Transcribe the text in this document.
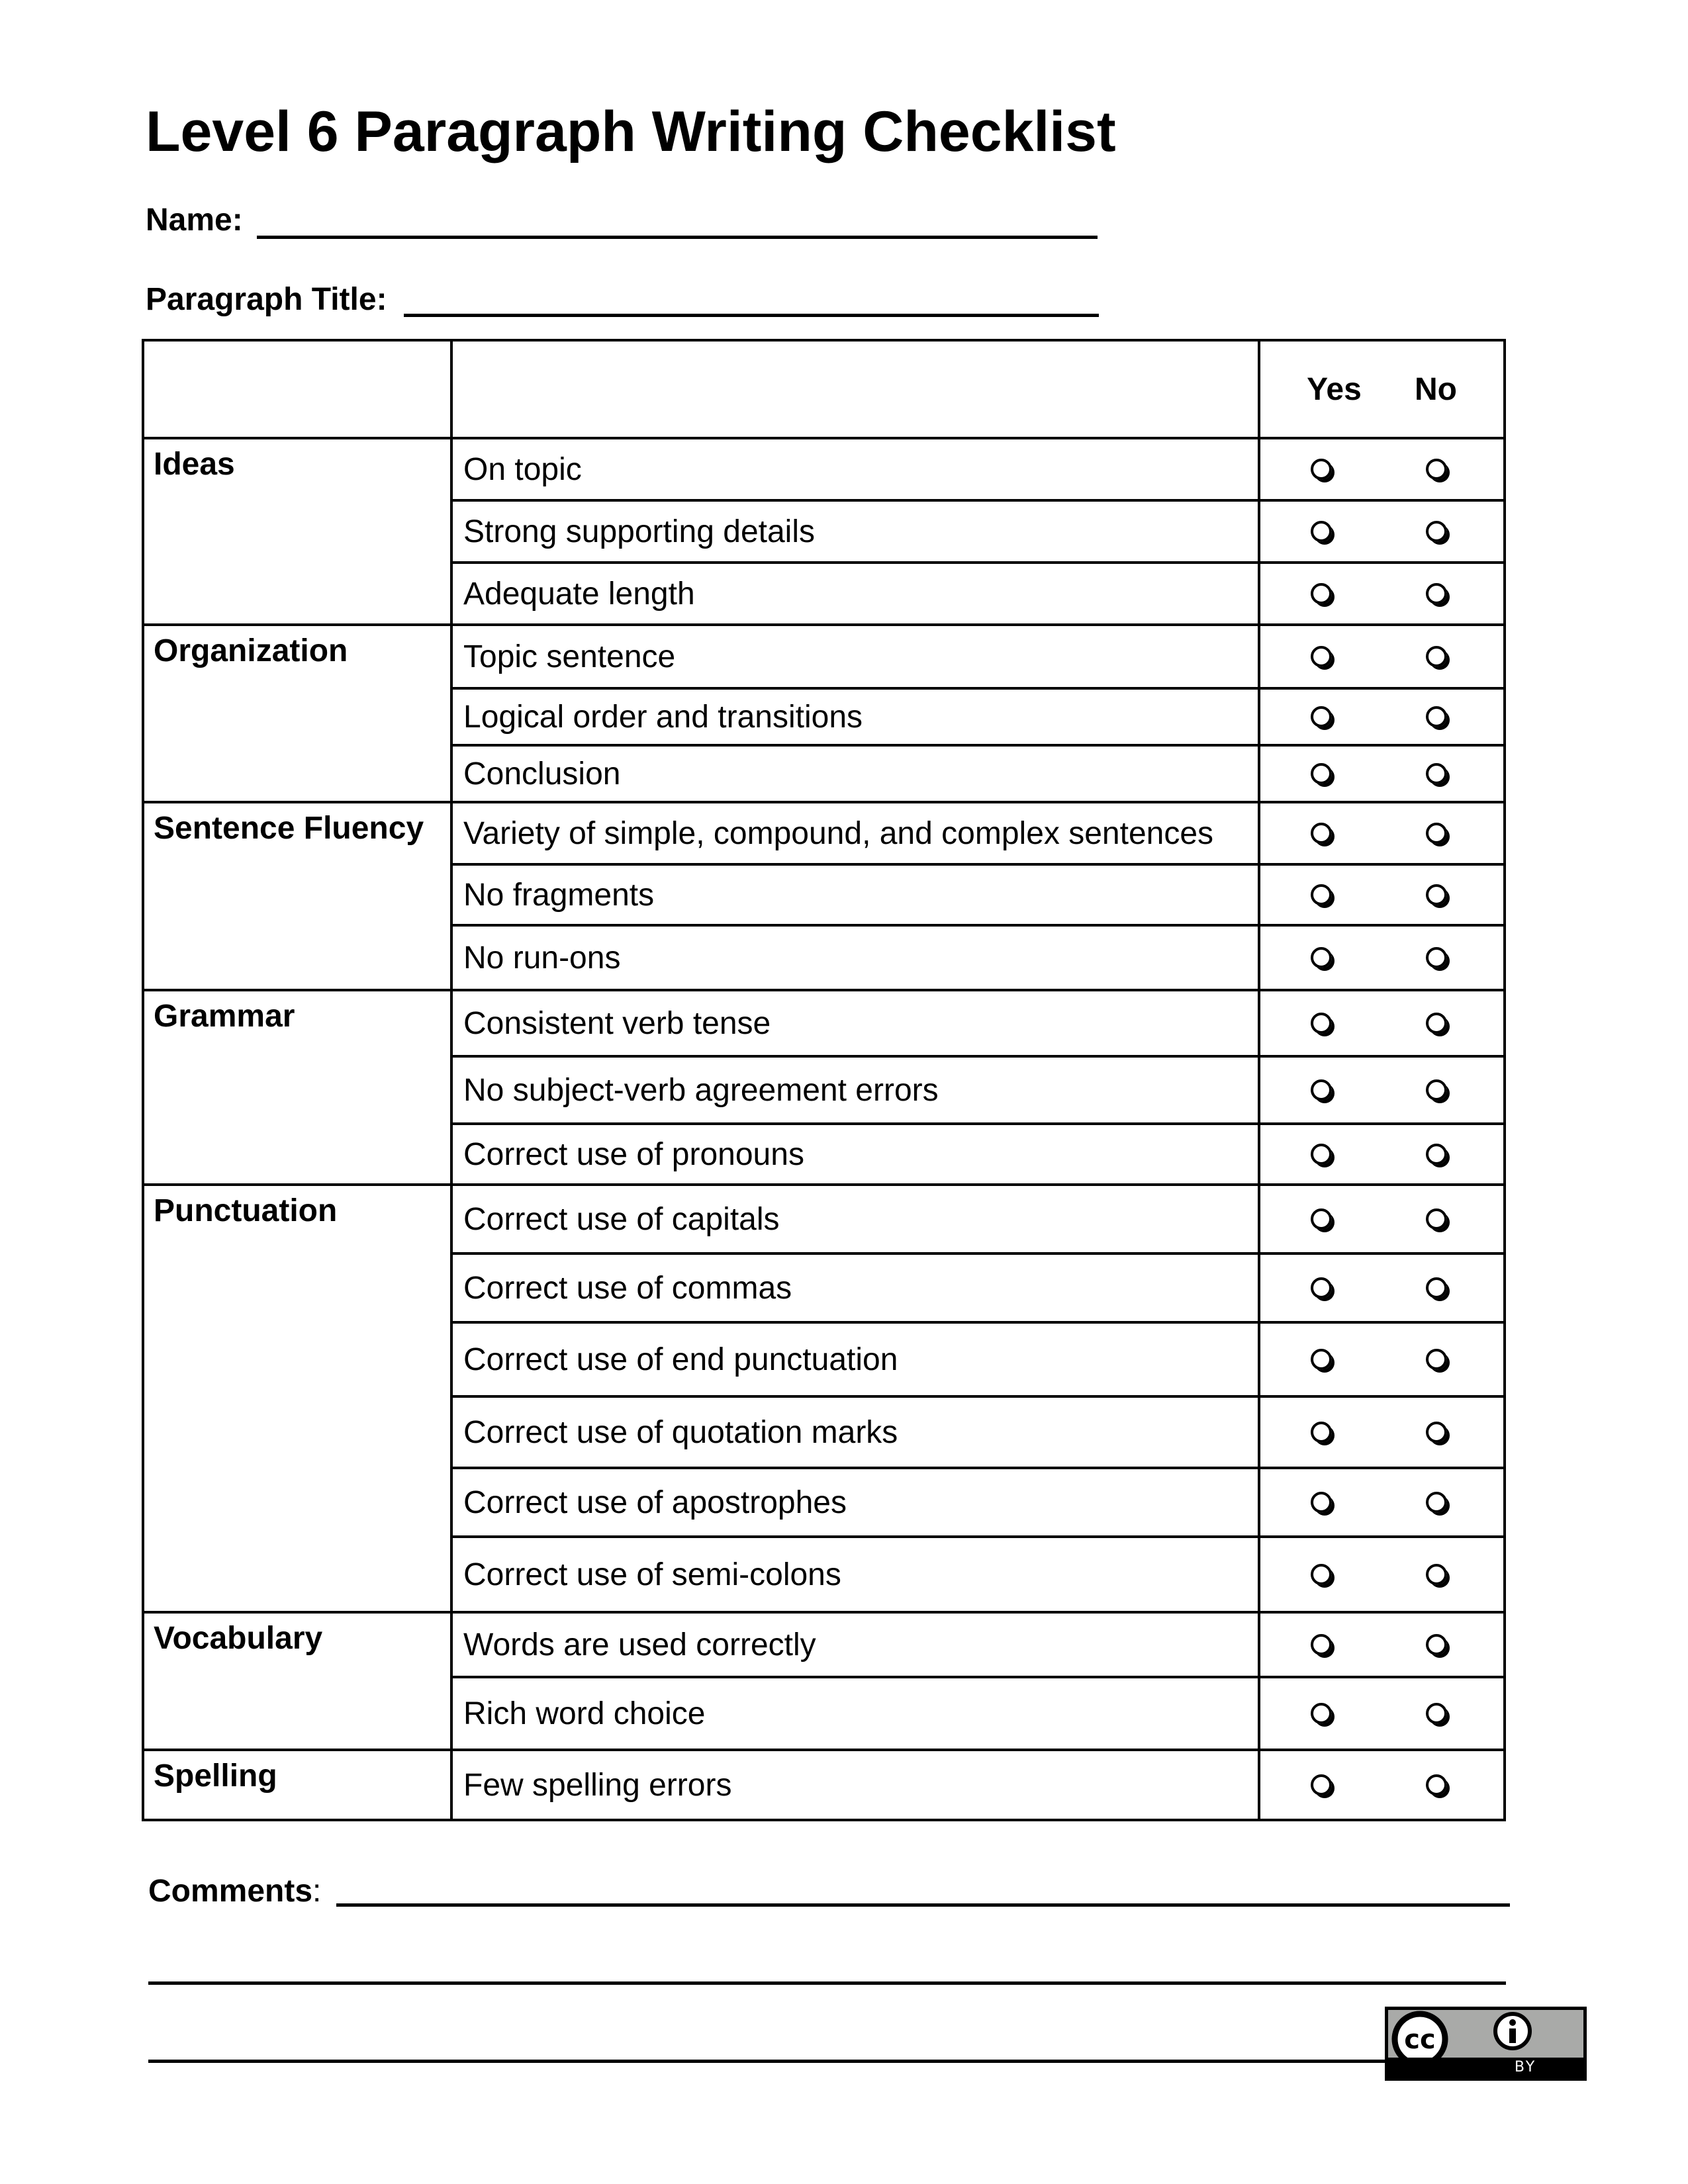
Level 6 Paragraph Writing Checklist
Name:
Paragraph Title:

		Yes No

Ideas	On topic	

	Strong supporting details	

	Adequate length	

Organization	Topic sentence	

	Logical order and transitions	

	Conclusion	

Sentence Fluency	Variety of simple, compound, and complex sentences	

	No fragments	

	No run-ons	

Grammar	Consistent verb tense	

	No subject-verb agreement errors	

	Correct use of pronouns	

Punctuation	Correct use of capitals	

	Correct use of commas	

	Correct use of end punctuation	

	Correct use of quotation marks	

	Correct use of apostrophes	

	Correct use of semi-colons	

Vocabulary	Words are used correctly	

	Rich word choice	

Spelling	Few spelling errors	
Comments:
cc
BY
